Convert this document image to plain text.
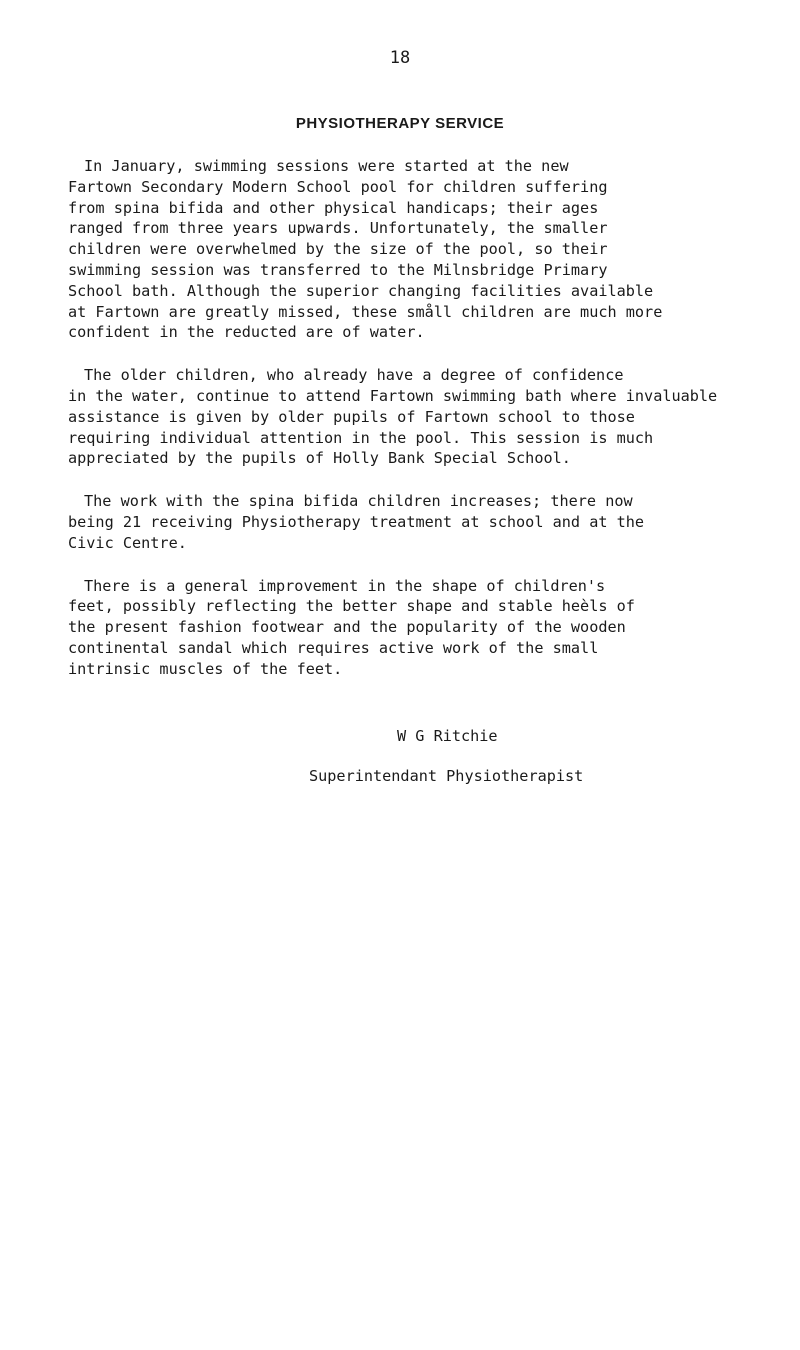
18
PHYSIOTHERAPY SERVICE
In January, swimming sessions were started at the new
Fartown Secondary Modern School pool for children suffering
from spina bifida and other physical handicaps; their ages
ranged from three years upwards. Unfortunately, the smaller
children were overwhelmed by the size of the pool, so their
swimming session was transferred to the Milnsbridge Primary
School bath. Although the superior changing facilities available
at Fartown are greatly missed, these småll children are much more
confident in the reducted are of water.
The older children, who already have a degree of confidence
in the water, continue to attend Fartown swimming bath where invaluable
assistance is given by older pupils of Fartown school to those
requiring individual attention in the pool. This session is much
appreciated by the pupils of Holly Bank Special School.
The work with the spina bifida children increases; there now
being 21 receiving Physiotherapy treatment at school and at the
Civic Centre.
There is a general improvement in the shape of children's
feet, possibly reflecting the better shape and stable heèls of
the present fashion footwear and the popularity of the wooden
continental sandal which requires active work of the small
intrinsic muscles of the feet.
W G Ritchie
Superintendant Physiotherapist
